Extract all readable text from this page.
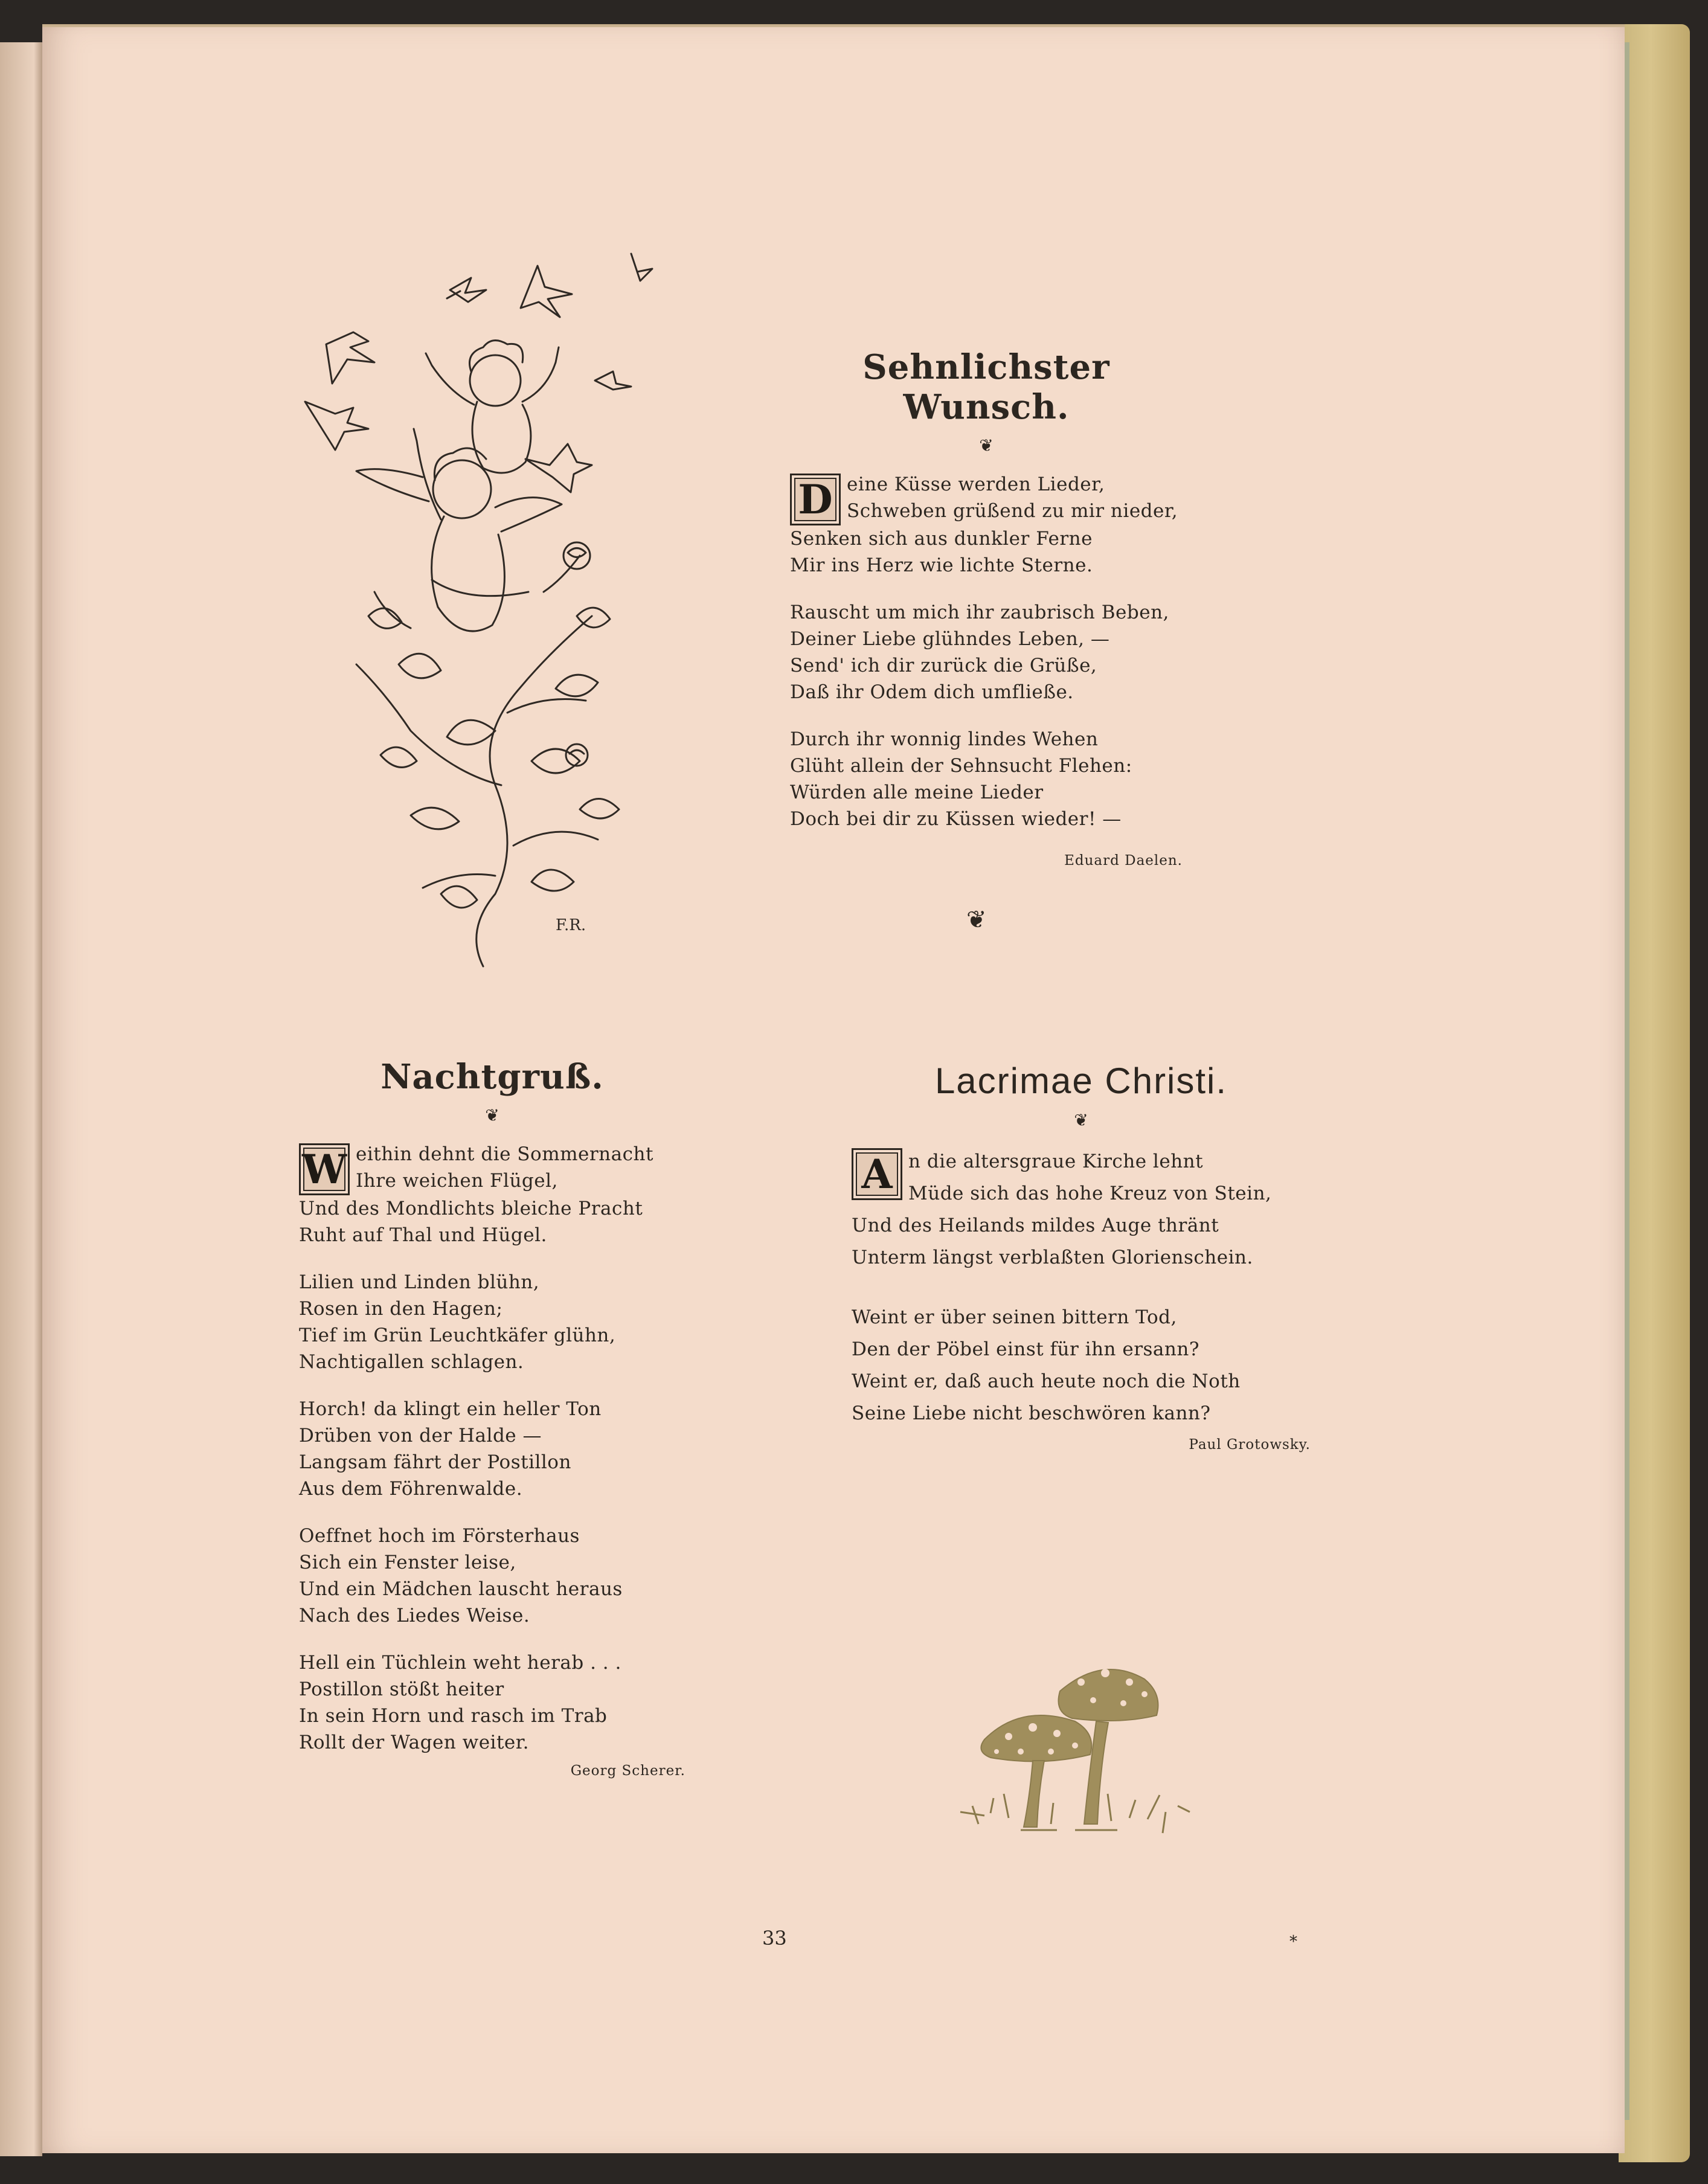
F.R.
Sehnlichster Wunsch.
❦
D eine Küsse werden Lieder,
Schweben grüßend zu mir nieder,
Senken sich aus dunkler Ferne
Mir ins Herz wie lichte Sterne.
Rauscht um mich ihr zaubrisch Beben,
Deiner Liebe glühndes Leben, —
Send' ich dir zurück die Grüße,
Daß ihr Odem dich umfließe.
Durch ihr wonnig lindes Wehen
Glüht allein der Sehnsucht Flehen:
Würden alle meine Lieder
Doch bei dir zu Küssen wieder! —
Eduard Daelen.
❦
Nachtgruß.
❦
W eithin dehnt die Sommernacht
Ihre weichen Flügel,
Und des Mondlichts bleiche Pracht
Ruht auf Thal und Hügel.
Lilien und Linden blühn,
Rosen in den Hagen;
Tief im Grün Leuchtkäfer glühn,
Nachtigallen schlagen.
Horch! da klingt ein heller Ton
Drüben von der Halde —
Langsam fährt der Postillon
Aus dem Föhrenwalde.
Oeffnet hoch im Försterhaus
Sich ein Fenster leise,
Und ein Mädchen lauscht heraus
Nach des Liedes Weise.
Hell ein Tüchlein weht herab . . .
Postillon stößt heiter
In sein Horn und rasch im Trab
Rollt der Wagen weiter.
Georg Scherer.
Lacrimae Christi.
❦
A n die altersgraue Kirche lehnt
Müde sich das hohe Kreuz von Stein,
Und des Heilands mildes Auge thränt
Unterm längst verblaßten Glorienschein.
Weint er über seinen bittern Tod,
Den der Pöbel einst für ihn ersann?
Weint er, daß auch heute noch die Noth
Seine Liebe nicht beschwören kann?
Paul Grotowsky.
33	*
